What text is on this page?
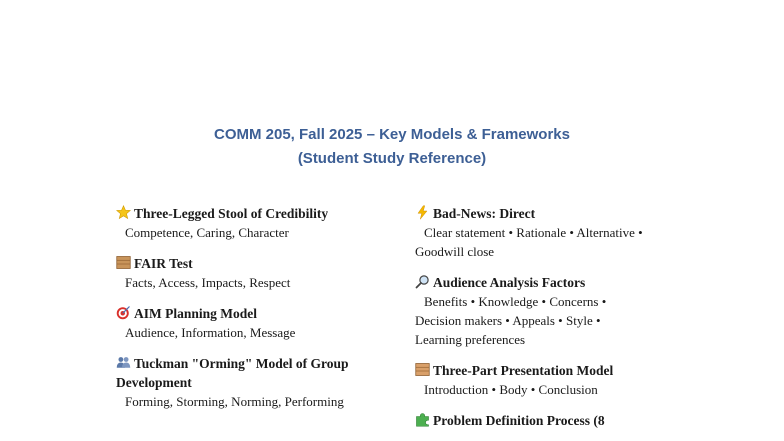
COMM 205, Fall 2025 – Key Models & Frameworks
(Student Study Reference)
Three-Legged Stool of Credibility
Competence, Caring, Character
FAIR Test
Facts, Access, Impacts, Respect
AIM Planning Model
Audience, Information, Message
Tuckman "Orming" Model of Group Development
Forming, Storming, Norming, Performing
Bad-News: Direct
Clear statement • Rationale • Alternative • Goodwill close
Audience Analysis Factors
Benefits • Knowledge • Concerns • Decision makers • Appeals • Style • Learning preferences
Three-Part Presentation Model
Introduction • Body • Conclusion
Problem Definition Process (8
